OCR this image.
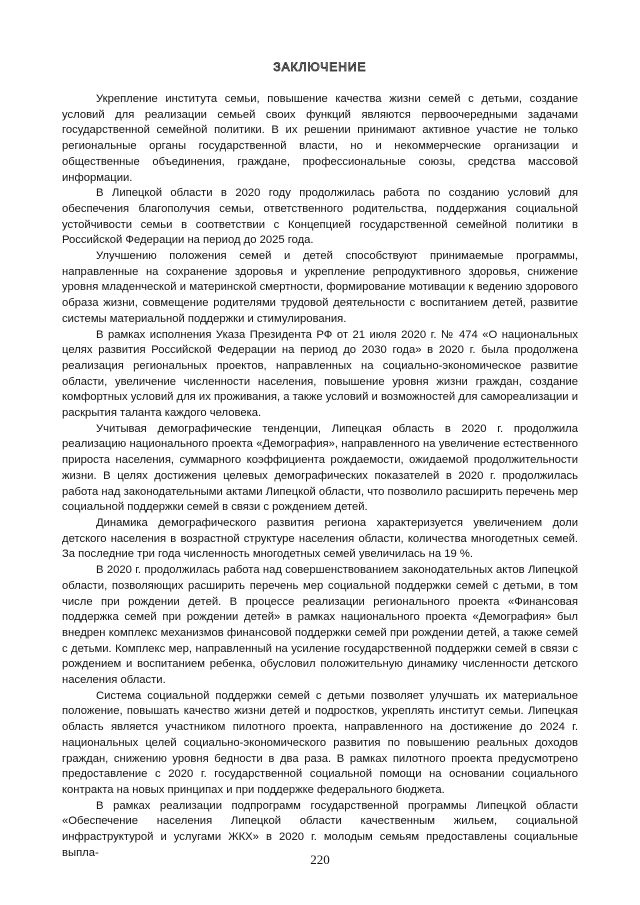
ЗАКЛЮЧЕНИЕ

Укрепление института семьи, повышение качества жизни семей с детьми, создание условий для реализации семьей своих функций являются первоочередными задачами государственной семейной политики. В их решении принимают активное участие не только региональные органы государственной власти, но и некоммерческие организации и общественные объединения, граждане, профессиональные союзы, средства массовой информации.

В Липецкой области в 2020 году продолжилась работа по созданию условий для обеспечения благополучия семьи, ответственного родительства, поддержания социальной устойчивости семьи в соответствии с Концепцией государственной семейной политики в Российской Федерации на период до 2025 года.

Улучшению положения семей и детей способствуют принимаемые программы, направленные на сохранение здоровья и укрепление репродуктивного здоровья, снижение уровня младенческой и материнской смертности, формирование мотивации к ведению здорового образа жизни, совмещение родителями трудовой деятельности с воспитанием детей, развитие системы материальной поддержки и стимулирования.

В рамках исполнения Указа Президента РФ от 21 июля 2020 г. № 474 «О национальных целях развития Российской Федерации на период до 2030 года» в 2020 г. была продолжена реализация региональных проектов, направленных на социально-экономическое развитие области, увеличение численности населения, повышение уровня жизни граждан, создание комфортных условий для их проживания, а также условий и возможностей для самореализации и раскрытия таланта каждого человека.

Учитывая демографические тенденции, Липецкая область в 2020 г. продолжила реализацию национального проекта «Демография», направленного на увеличение естественного прироста населения, суммарного коэффициента рождаемости, ожидаемой продолжительности жизни. В целях достижения целевых демографических показателей в 2020 г. продолжилась работа над законодательными актами Липецкой области, что позволило расширить перечень мер социальной поддержки семей в связи с рождением детей.

Динамика демографического развития региона характеризуется увеличением доли детского населения в возрастной структуре населения области, количества многодетных семей. За последние три года численность многодетных семей увеличилась на 19 %.

В 2020 г. продолжилась работа над совершенствованием законодательных актов Липецкой области, позволяющих расширить перечень мер социальной поддержки семей с детьми, в том числе при рождении детей. В процессе реализации регионального проекта «Финансовая поддержка семей при рождении детей» в рамках национального проекта «Демография» был внедрен комплекс механизмов финансовой поддержки семей при рождении детей, а также семей с детьми. Комплекс мер, направленный на усиление государственной поддержки семей в связи с рождением и воспитанием ребенка, обусловил положительную динамику численности детского населения области.

Система социальной поддержки семей с детьми позволяет улучшать их материальное положение, повышать качество жизни детей и подростков, укреплять институт семьи. Липецкая область является участником пилотного проекта, направленного на достижение до 2024 г. национальных целей социально-экономического развития по повышению реальных доходов граждан, снижению уровня бедности в два раза. В рамках пилотного проекта предусмотрено предоставление с 2020 г. государственной социальной помощи на основании социального контракта на новых принципах и при поддержке федерального бюджета.

В рамках реализации подпрограмм государственной программы Липецкой области «Обеспечение населения Липецкой области качественным жильем, социальной инфраструктурой и услугами ЖКХ» в 2020 г. молодым семьям предоставлены социальные выпла-	220
